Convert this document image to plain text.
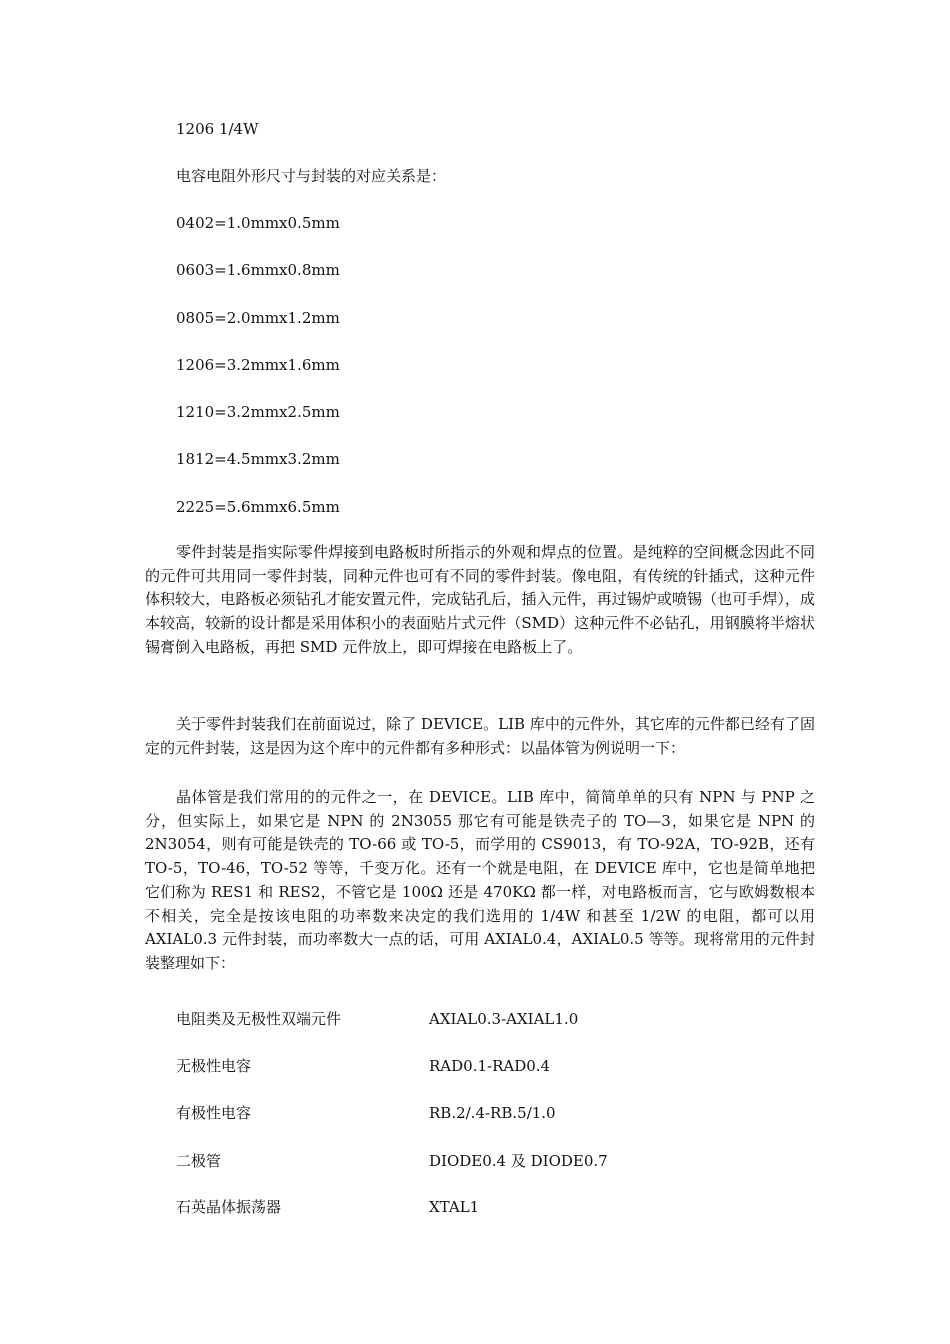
1206 1/4W
电容电阻外形尺寸与封装的对应关系是：
0402=1.0mmx0.5mm
0603=1.6mmx0.8mm
0805=2.0mmx1.2mm
1206=3.2mmx1.6mm
1210=3.2mmx2.5mm
1812=4.5mmx3.2mm
2225=5.6mmx6.5mm

零件封装是指实际零件焊接到电路板时所指示的外观和焊点的位置。是纯粹的空间概念因此不同的元件可共用同一零件封装，同种元件也可有不同的零件封装。像电阻，有传统的针插式，这种元件体积较大，电路板必须钻孔才能安置元件，完成钻孔后，插入元件，再过锡炉或喷锡（也可手焊），成本较高，较新的设计都是采用体积小的表面贴片式元件（SMD）这种元件不必钻孔，用钢膜将半熔状锡膏倒入电路板，再把 SMD 元件放上，即可焊接在电路板上了。

关于零件封装我们在前面说过，除了 DEVICE。LIB 库中的元件外，其它库的元件都已经有了固定的元件封装，这是因为这个库中的元件都有多种形式：以晶体管为例说明一下：

晶体管是我们常用的的元件之一，在 DEVICE。LIB 库中，简简单单的只有 NPN 与 PNP 之分，但实际上，如果它是 NPN 的 2N3055 那它有可能是铁壳子的 TO—3，如果它是 NPN 的 2N3054，则有可能是铁壳的 TO-66 或 TO-5，而学用的 CS9013，有 TO-92A，TO-92B，还有 TO-5，TO-46，TO-52 等等，千变万化。还有一个就是电阻，在 DEVICE 库中，它也是简单地把它们称为 RES1 和 RES2，不管它是 100Ω 还是 470KΩ 都一样，对电路板而言，它与欧姆数根本不相关，完全是按该电阻的功率数来决定的我们选用的 1/4W 和甚至 1/2W 的电阻，都可以用 AXIAL0.3 元件封装，而功率数大一点的话，可用 AXIAL0.4，AXIAL0.5 等等。现将常用的元件封装整理如下：

电阻类及无极性双端元件	AXIAL0.3-AXIAL1.0
无极性电容	RAD0.1-RAD0.4
有极性电容	RB.2/.4-RB.5/1.0
二极管	DIODE0.4 及 DIODE0.7
石英晶体振荡器	XTAL1
